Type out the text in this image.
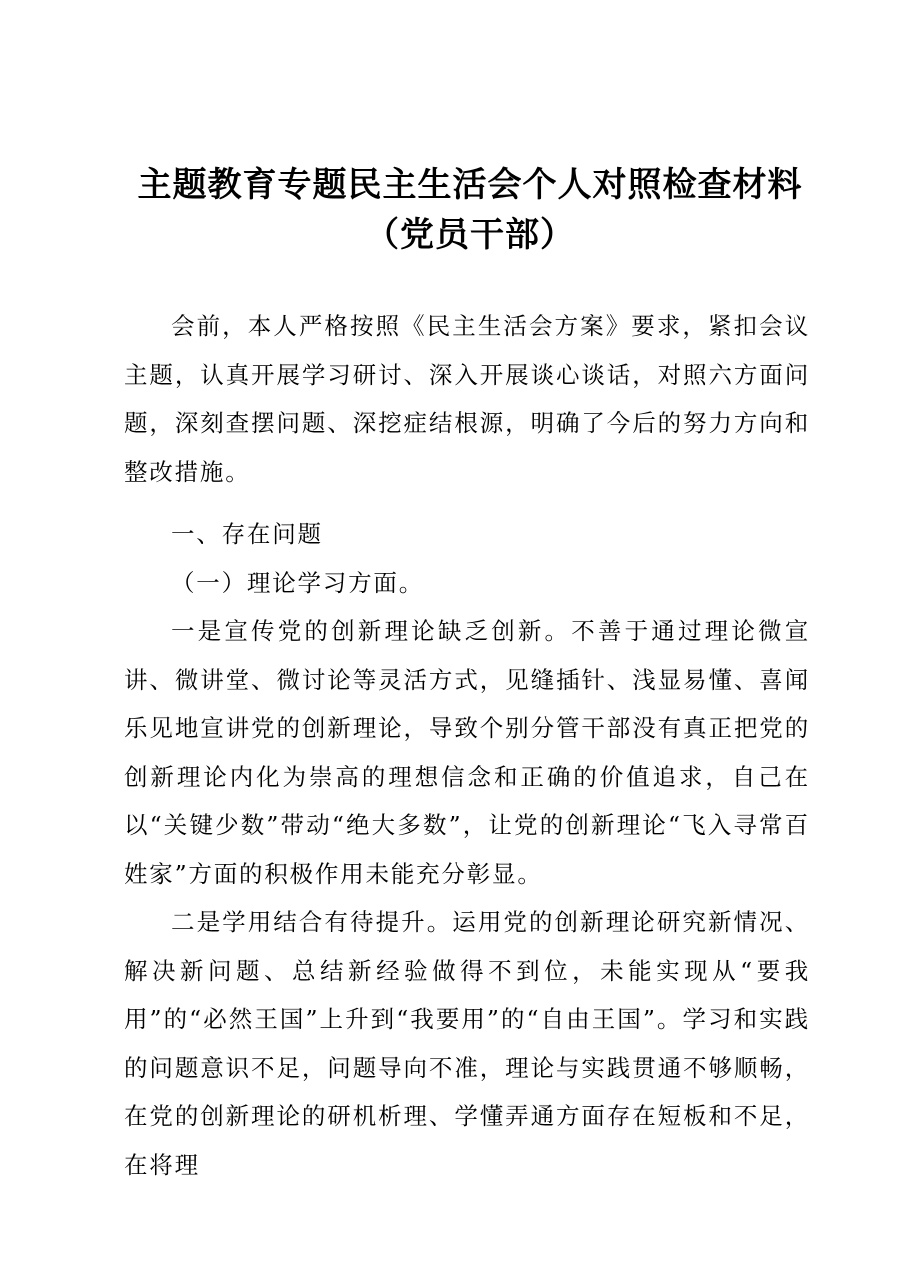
主题教育专题民主生活会个人对照检查材料（党员干部）

会前，本人严格按照《民主生活会方案》要求，紧扣会议主题，认真开展学习研讨、深入开展谈心谈话，对照六方面问题，深刻查摆问题、深挖症结根源，明确了今后的努力方向和整改措施。

一、存在问题

（一）理论学习方面。

一是宣传党的创新理论缺乏创新。不善于通过理论微宣讲、微讲堂、微讨论等灵活方式，见缝插针、浅显易懂、喜闻乐见地宣讲党的创新理论，导致个别分管干部没有真正把党的创新理论内化为崇高的理想信念和正确的价值追求，自己在以“关键少数”带动“绝大多数”，让党的创新理论“飞入寻常百姓家”方面的积极作用未能充分彰显。

二是学用结合有待提升。运用党的创新理论研究新情况、解决新问题、总结新经验做得不到位，未能实现从“要我用”的“必然王国”上升到“我要用”的“自由王国”。学习和实践的问题意识不足，问题导向不准，理论与实践贯通不够顺畅，在党的创新理论的研机析理、学懂弄通方面存在短板和不足，在将理
